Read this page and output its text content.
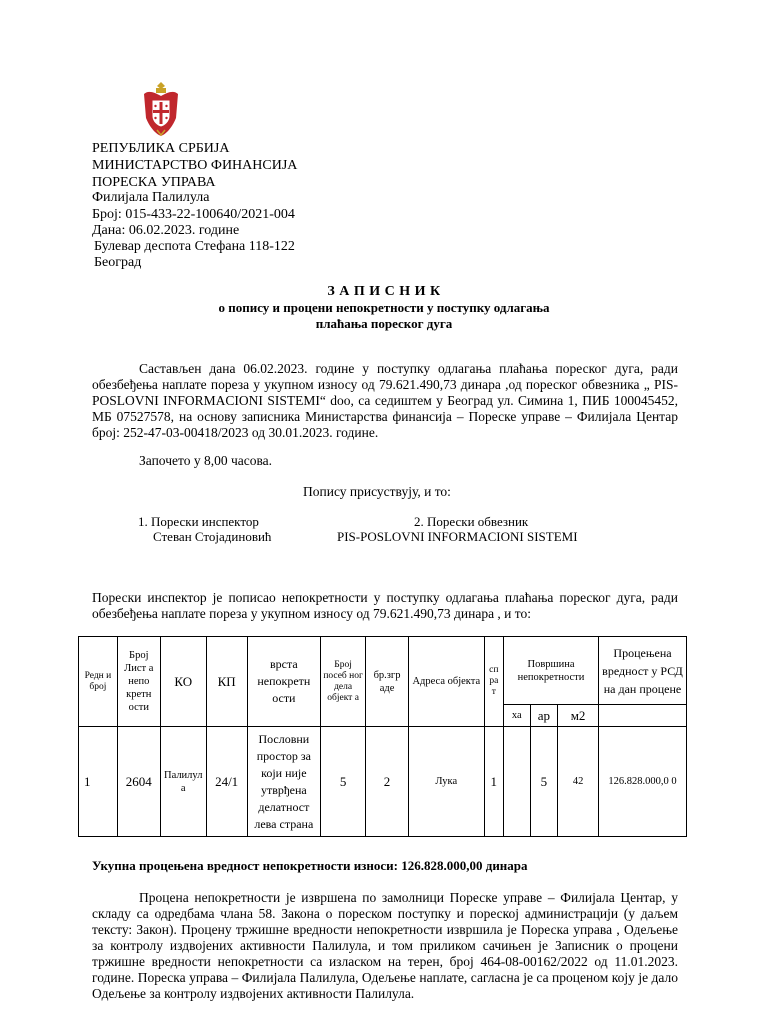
РЕПУБЛИКА СРБИЈА
МИНИСТАРСТВО ФИНАНСИЈА
ПОРЕСКА УПРАВА
Филијала Палилула
Број: 015-433-22-100640/2021-004
Дана: 06.02.2023. године
Булевар деспота Стефана 118-122
Београд
З А П И С Н И К
о попису и процени непокретности у поступку одлагања
плаћања пореског дуга

Састављен дана 06.02.2023. године у поступку одлагања плаћања пореског дуга, ради обезбеђења наплате пореза у укупном износу од 79.621.490,73 динара ,од пореског обвезника „ PIS-POSLOVNI INFORMACIONI SISTEMI“ doo, са седиштем у Београд ул. Симина 1, ПИБ 100045452, МБ 07527578, на основу записника Министарства финансија – Пореске управе – Филијала Центар број: 252-47-03-00418/2023 од 30.01.2023. године.

Започето у 8,00 часова.
Попису присуствују, и то:
1. Порески инспектор
Стеван Стојадиновић
2. Порески обвезник
PIS-POSLOVNI INFORMACIONI SISTEMI

Порески инспектор је пописао непокретности у поступку одлагања плаћања пореског дуга, ради обезбеђења наплате пореза у укупном износу од 79.621.490,73 динара , и то:

Редн и број	Број Лист а непо кретн ости	КО	КП	врста непокретн ости	Број посеб ног дела објект а	бр.згр аде	Адреса објекта	спрат	Површина непокретности			Процењена вредност у РСД на дан процене
									ха	ар	м2	
1	2604	Палилул а	24/1	Пословни простор за који није утврђена делатност лева страна	5	2	Лука	1		5	42	126.828.000,0 0
Укупна процењена вредност непокретности износи: 126.828.000,00 динара

Процена непокретности је извршена по замолници Пореске управе – Филијала Центар, у складу са одредбама члана 58. Закона о пореском поступку и пореској администрацији (у даљем тексту: Закон). Процену тржишне вредности непокретности извршила је Пореска управа , Одељење за контролу издвојених активности Палилула, и том приликом сачињен је Записник о процени тржишне вредности непокретности са изласком на терен, број 464-08-00162/2022 од 11.01.2023. године. Пореска управа – Филијала Палилула, Одељење наплате, сагласна је са проценом коју је дало Одељење за контролу издвојених активности Палилула.
